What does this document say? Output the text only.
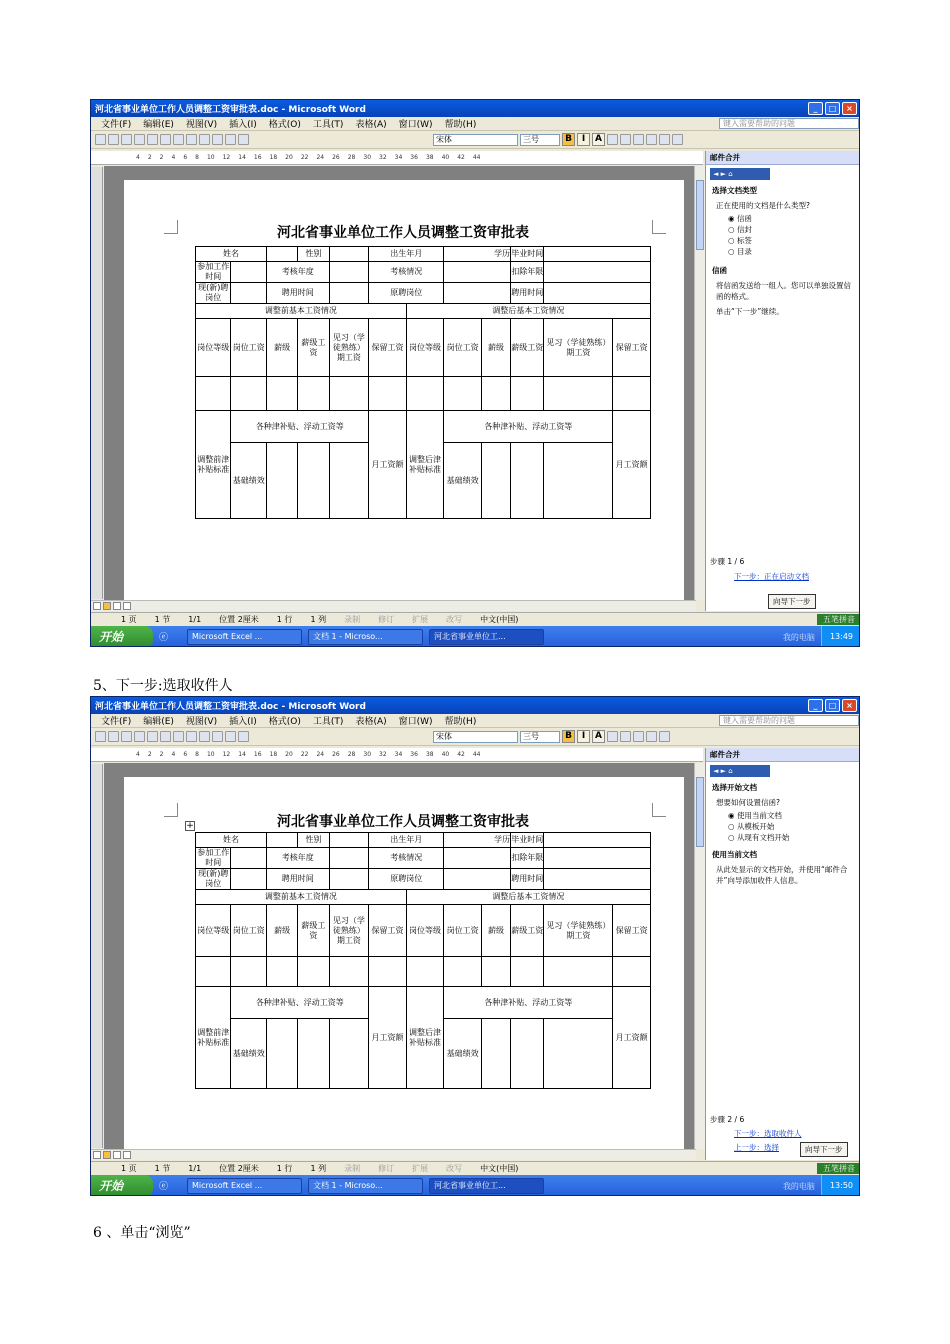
河北省事业单位工作人员调整工资审批表.doc - Microsoft Word	_	□	×
文件(F) 编辑(E) 视图(V) 插入(I) 格式(O) 工具(T) 表格(A) 窗口(W) 帮助(H)	键入需要帮助的问题
宋体	三号	B	I	A
4 2 2 4 6 8 10 12 14 16 18 20 22 24 26 28 30 32 34 36 38 40 42 44
河北省事业单位工作人员调整工资审批表
姓名			性别		出生年月		学历		毕业时间		
参加工作时间		考核年度			考核情况				扣除年限		
现(新)聘岗位		聘用时间			原聘岗位				聘用时间		
调整前基本工资情况						调整后基本工资情况					
岗位等级	岗位工资	薪级	薪级工资	见习（学徒熟练）期工资	保留工资	岗位等级	岗位工资	薪级	薪级工资	见习（学徒熟练）期工资	保留工资

调整前津补贴标准	各种津补贴、浮动工资等				月工资额	调整后津补贴标准	各种津补贴、浮动工资等				月工资额
	基础绩效						基础绩效				
1 页 1 节 1/1 位置 2厘米 1 行 1 列 录制 修订 扩展 改写 中文(中国)	五笔拼音
邮件合并
◄ ► ⌂
选择文档类型
正在使用的文档是什么类型?
◉ 信函
○ 信封
○ 标签
○ 目录
信函
将信函发送给一组人。您可以单独设置信函的格式。
单击“下一步”继续。
步骤 1 / 6
下一步：正在启动文档
向导下一步
开始	ⓔ	Microsoft Excel ...	文档 1 - Microso...	河北省事业单位工...	我的电脑	13:49
5、下一步:选取收件人
河北省事业单位工作人员调整工资审批表.doc - Microsoft Word	_	□	×
文件(F) 编辑(E) 视图(V) 插入(I) 格式(O) 工具(T) 表格(A) 窗口(W) 帮助(H)	键入需要帮助的问题
宋体	三号	B	I	A
4 2 2 4 6 8 10 12 14 16 18 20 22 24 26 28 30 32 34 36 38 40 42 44
+	河北省事业单位工作人员调整工资审批表
姓名			性别		出生年月		学历		毕业时间		
参加工作时间		考核年度			考核情况				扣除年限		
现(新)聘岗位		聘用时间			原聘岗位				聘用时间		
调整前基本工资情况						调整后基本工资情况					
岗位等级	岗位工资	薪级	薪级工资	见习（学徒熟练）期工资	保留工资	岗位等级	岗位工资	薪级	薪级工资	见习（学徒熟练）期工资	保留工资

调整前津补贴标准	各种津补贴、浮动工资等				月工资额	调整后津补贴标准	各种津补贴、浮动工资等				月工资额
	基础绩效						基础绩效				
1 页 1 节 1/1 位置 2厘米 1 行 1 列 录制 修订 扩展 改写 中文(中国)	五笔拼音
邮件合并
◄ ► ⌂
选择开始文档
想要如何设置信函?
◉ 使用当前文档
○ 从模板开始
○ 从现有文档开始
使用当前文档
从此处显示的文档开始，并使用“邮件合并”向导添加收件人信息。
步骤 2 / 6
下一步：选取收件人
上一步：选择	向导下一步
开始	ⓔ	Microsoft Excel ...	文档 1 - Microso...	河北省事业单位工...	我的电脑	13:50
6 、单击“浏览”
